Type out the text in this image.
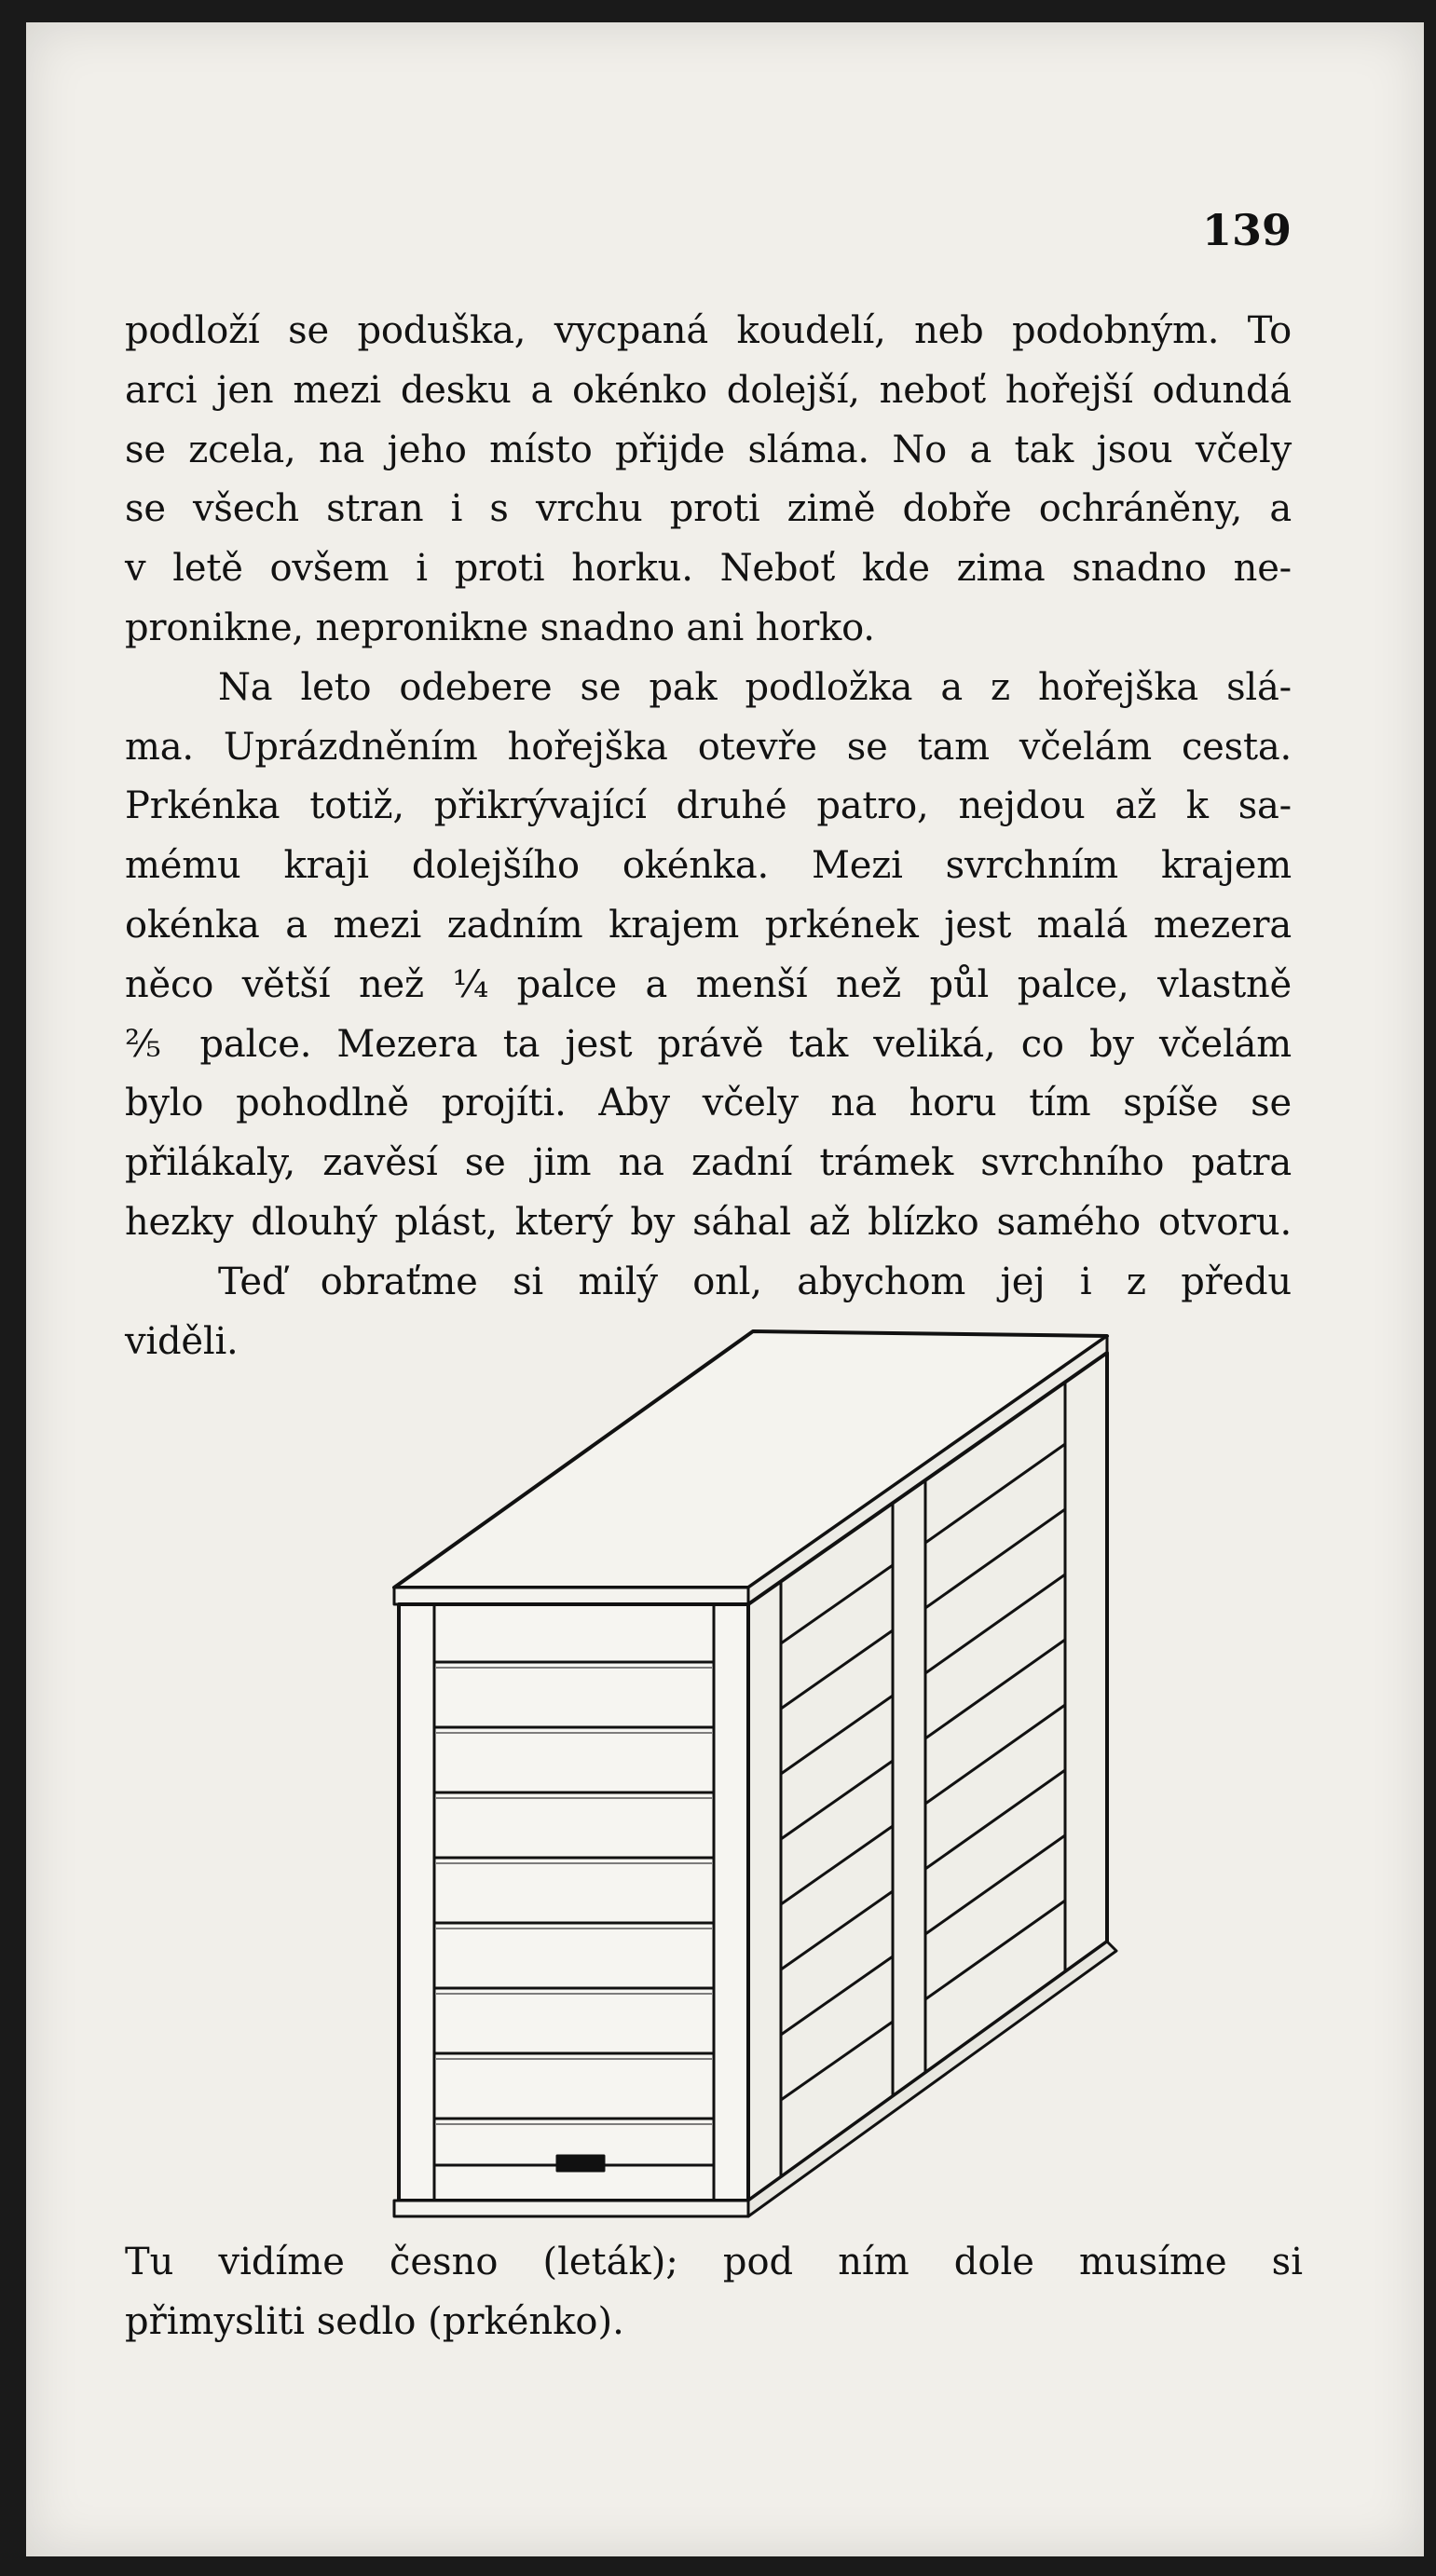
139
podloží se poduška, vycpaná koudelí, neb podobným. To
arci jen mezi desku a okénko dolejší, neboť hořejší odundá
se zcela, na jeho místo přijde sláma. No a tak jsou včely
se všech stran i s vrchu proti zimě dobře ochráněny, a
v letě ovšem i proti horku. Neboť kde zima snadno ne-
pronikne, nepronikne snadno ani horko.
Na leto odebere se pak podložka a z hořejška slá-
ma. Uprázdněním hořejška otevře se tam včelám cesta.
Prkénka totiž, přikrývající druhé patro, nejdou až k sa-
mému kraji dolejšího okénka. Mezi svrchním krajem
okénka a mezi zadním krajem prkének jest malá mezera
něco větší než ¼ palce a menší než půl palce, vlastně
⅖ palce. Mezera ta jest právě tak veliká, co by včelám
bylo pohodlně projíti. Aby včely na horu tím spíše se
přilákaly, zavěsí se jim na zadní trámek svrchního patra
hezky dlouhý plást, který by sáhal až blízko samého otvoru.
Teď obraťme si milý onl, abychom jej i z předu
viděli.
Tu vidíme česno (leták); pod ním dole musíme si
přimysliti sedlo (prkénko).
